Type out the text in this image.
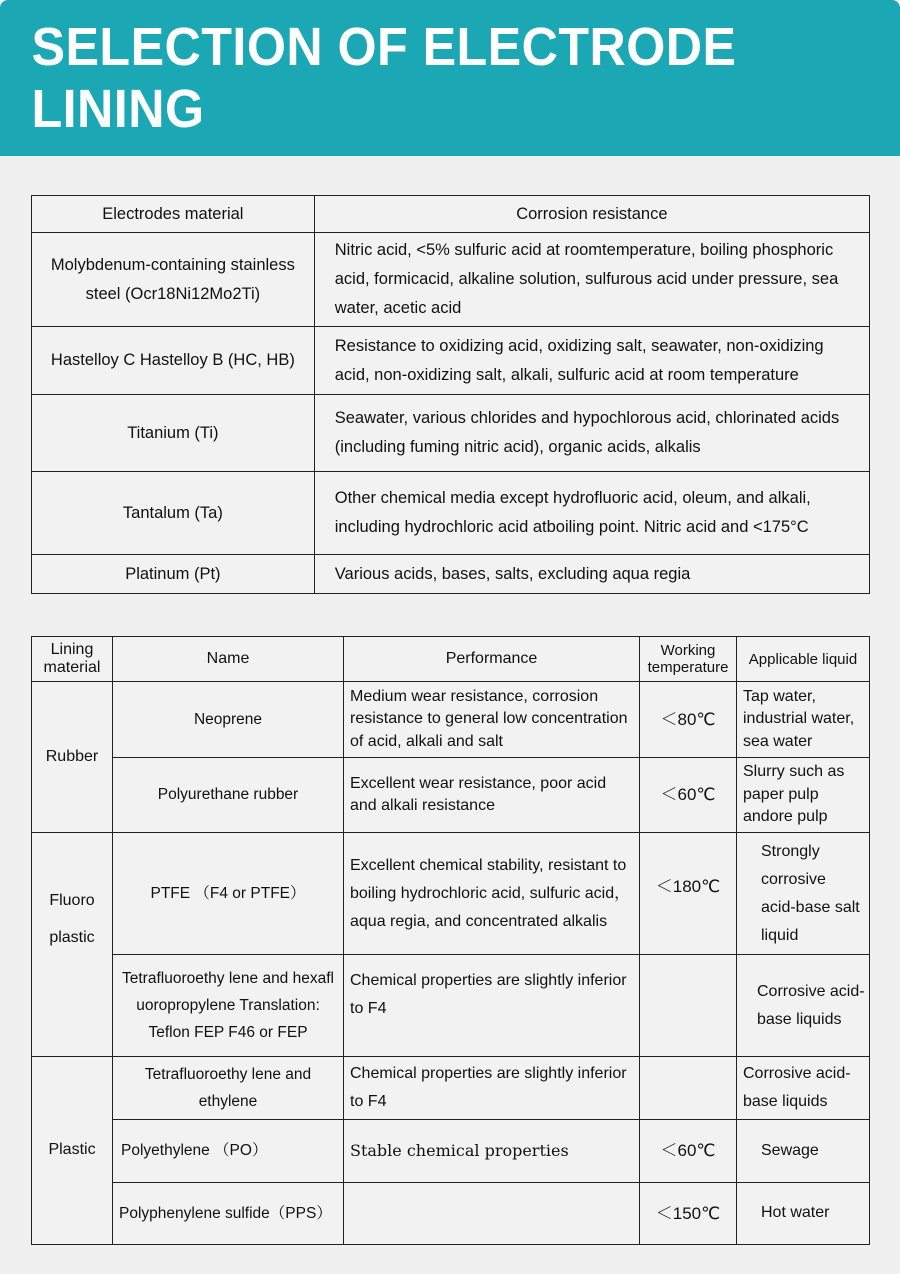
SELECTION OF ELECTRODE LINING
Electrodes material	Corrosion resistance
Molybdenum-containing stainless steel (Ocr18Ni12Mo2Ti)	Nitric acid, <5% sulfuric acid at roomtemperature, boiling phosphoric acid, formicacid, alkaline solution, sulfurous acid under pressure, sea water, acetic acid
Hastelloy C Hastelloy B (HC, HB)	Resistance to oxidizing acid, oxidizing salt, seawater, non-oxidizing acid, non-oxidizing salt, alkali, sulfuric acid at room temperature
Titanium (Ti)	Seawater, various chlorides and hypochlorous acid, chlorinated acids (including fuming nitric acid), organic acids, alkalis
Tantalum (Ta)	Other chemical media except hydrofluoric acid, oleum, and alkali, including hydrochloric acid atboiling point. Nitric acid and <175°C
Platinum (Pt)	Various acids, bases, salts, excluding aqua regia
Lining material	Name	Performance	Working temperature	Applicable liquid
Rubber	Neoprene	Medium wear resistance, corrosion resistance to general low concentration of acid, alkali and salt	＜80℃	Tap water, industrial water, sea water
	Polyurethane rubber	Excellent wear resistance, poor acid and alkali resistance	＜60℃	Slurry such as paper pulp andore pulp
Fluoro plastic	PTFE （F4 or PTFE）	Excellent chemical stability, resistant to boiling hydrochloric acid, sulfuric acid， aqua regia, and concentrated alkalis	＜180℃	Strongly corrosive acid-base salt liquid
	Tetrafluoroethy lene and hexafl uoropropylene Translation: Teflon FEP F46 or FEP	Chemical properties are slightly inferior to F4		Corrosive acid-base liquids
Plastic	Tetrafluoroethy lene and ethylene	Chemical properties are slightly inferior to F4		Corrosive acid-base liquids
	Polyethylene （PO）	Stable chemical properties	＜60℃	Sewage
	Polyphenylene sulfide（PPS）		＜150℃	Hot water
